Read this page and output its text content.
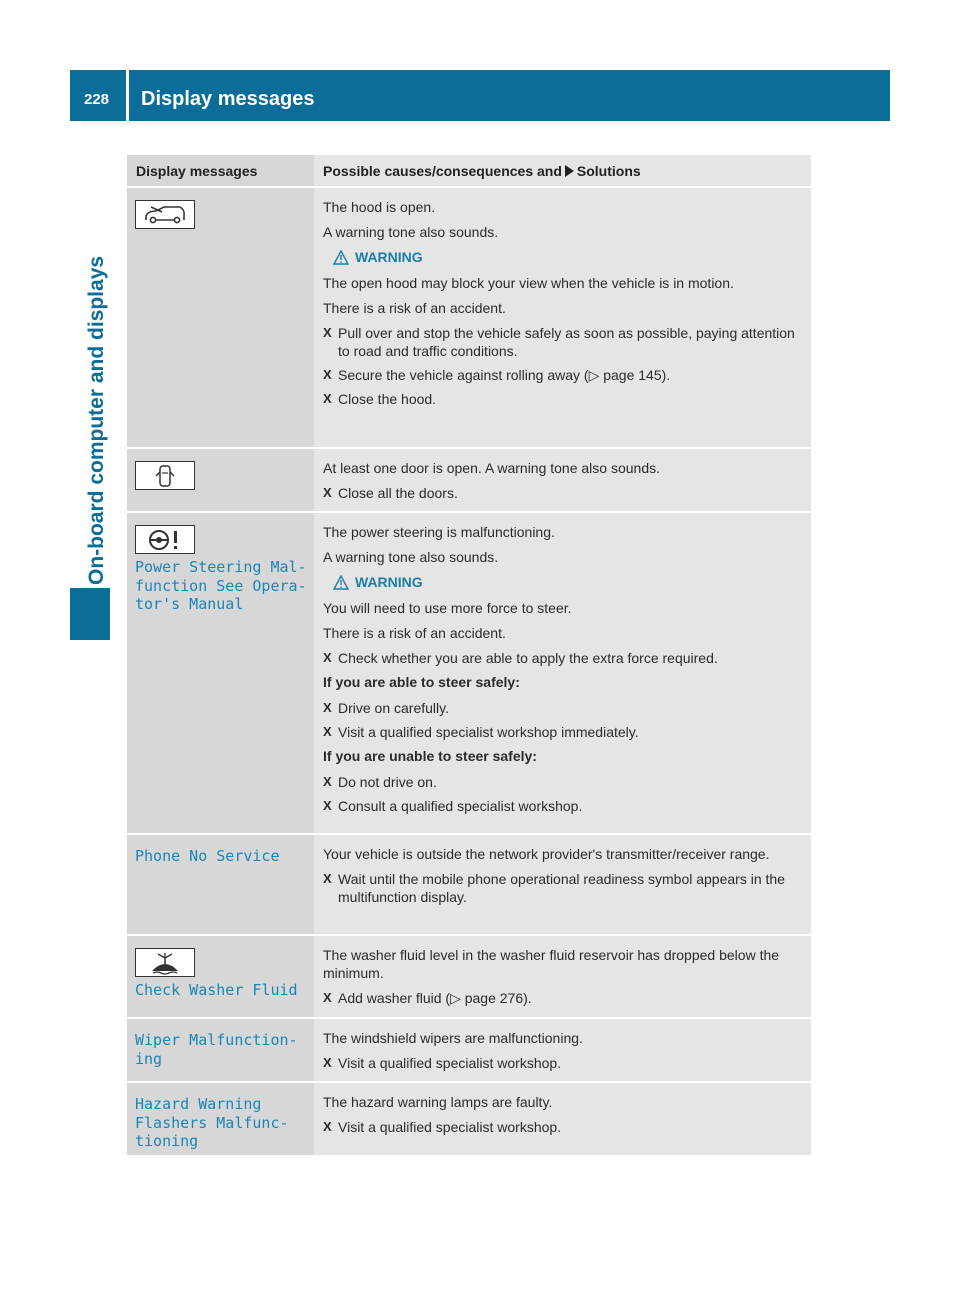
228 Display messages
On-board computer and displays
Display messages	Possible causes/consequences and Solutions

The hood is open.

A warning tone also sounds.

WARNING

The open hood may block your view when the vehicle is in motion.

There is a risk of an accident.

X Pull over and stop the vehicle safely as soon as possible, paying attention to road and traffic conditions.
X Secure the vehicle against rolling away (▷ page 145).
X Close the hood.

At least one door is open. A warning tone also sounds.

X Close all the doors.
Power Steering Mal-
function See Opera-
tor's Manual

The power steering is malfunctioning.

A warning tone also sounds.

WARNING

You will need to use more force to steer.

There is a risk of an accident.

X Check whether you are able to apply the extra force required.
If you are able to steer safely:
X Drive on carefully.
X Visit a qualified specialist workshop immediately.
If you are unable to steer safely:
X Do not drive on.
X Consult a qualified specialist workshop.
Phone No Service	Your vehicle is outside the network provider's transmitter/receiver range.

X Wait until the mobile phone operational readiness symbol appears in the multifunction display.
Check Washer Fluid

The washer fluid level in the washer fluid reservoir has dropped below the minimum.

X Add washer fluid (▷ page 276).
Wiper Malfunction-
ing

The windshield wipers are malfunctioning.

X Visit a qualified specialist workshop.
Hazard Warning
Flashers Malfunc-
tioning

The hazard warning lamps are faulty.

X Visit a qualified specialist workshop.
